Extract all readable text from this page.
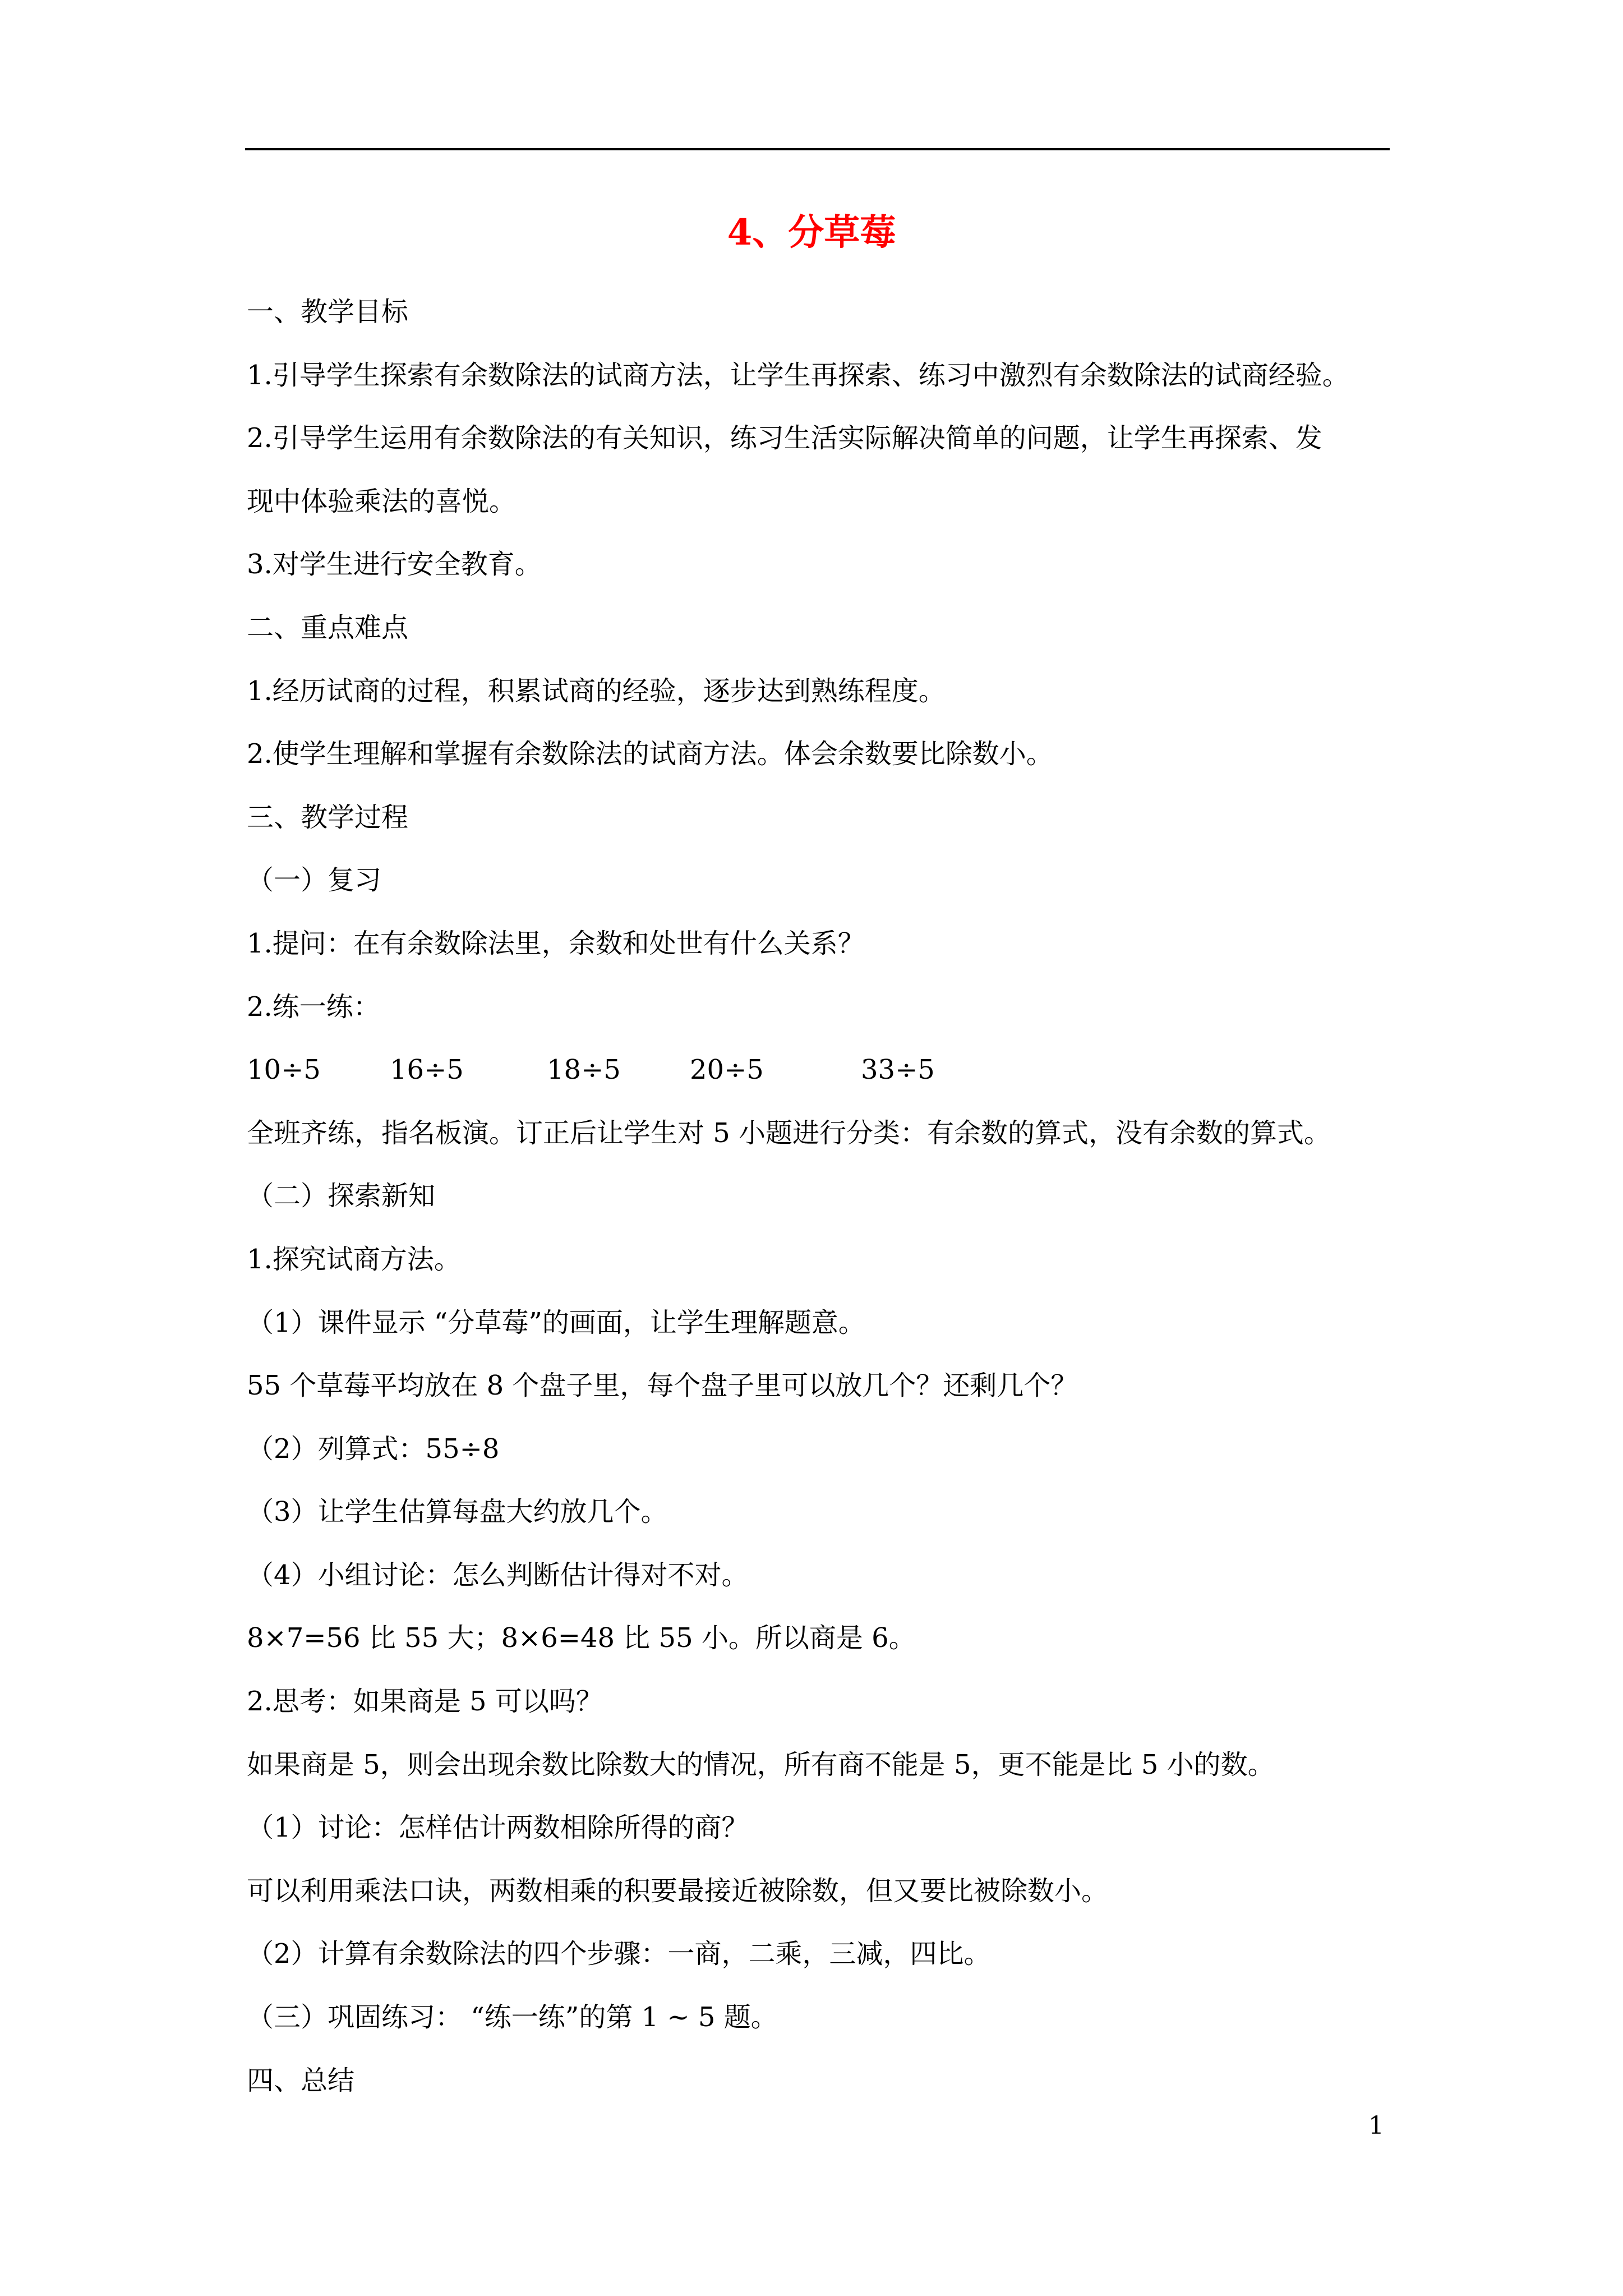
4、分草莓
一、教学目标
1.引导学生探索有余数除法的试商方法，让学生再探索、练习中激烈有余数除法的试商经验。
2.引导学生运用有余数除法的有关知识，练习生活实际解决简单的问题，让学生再探索、发
现中体验乘法的喜悦。
3.对学生进行安全教育。
二、重点难点
1.经历试商的过程，积累试商的经验，逐步达到熟练程度。
2.使学生理解和掌握有余数除法的试商方法。体会余数要比除数小。
三、教学过程
（一）复习
1.提问：在有余数除法里，余数和处世有什么关系？
2.练一练：
10÷5	16÷5	18÷5	20÷5	33÷5
全班齐练，指名板演。订正后让学生对 5 小题进行分类：有余数的算式，没有余数的算式。
（二）探索新知
1.探究试商方法。
（1）课件显示 “分草莓”的画面，让学生理解题意。
55 个草莓平均放在 8 个盘子里，每个盘子里可以放几个？还剩几个？
（2）列算式：55÷8
（3）让学生估算每盘大约放几个。
（4）小组讨论：怎么判断估计得对不对。
8×7=56 比 55 大；8×6=48 比 55 小。所以商是 6。
2.思考：如果商是 5 可以吗？
如果商是 5，则会出现余数比除数大的情况，所有商不能是 5，更不能是比 5 小的数。
（1）讨论：怎样估计两数相除所得的商？
可以利用乘法口诀，两数相乘的积要最接近被除数，但又要比被除数小。
（2）计算有余数除法的四个步骤：一商，二乘，三减，四比。
（三）巩固练习： “练一练”的第 1 ~ 5 题。
四、总结
1
